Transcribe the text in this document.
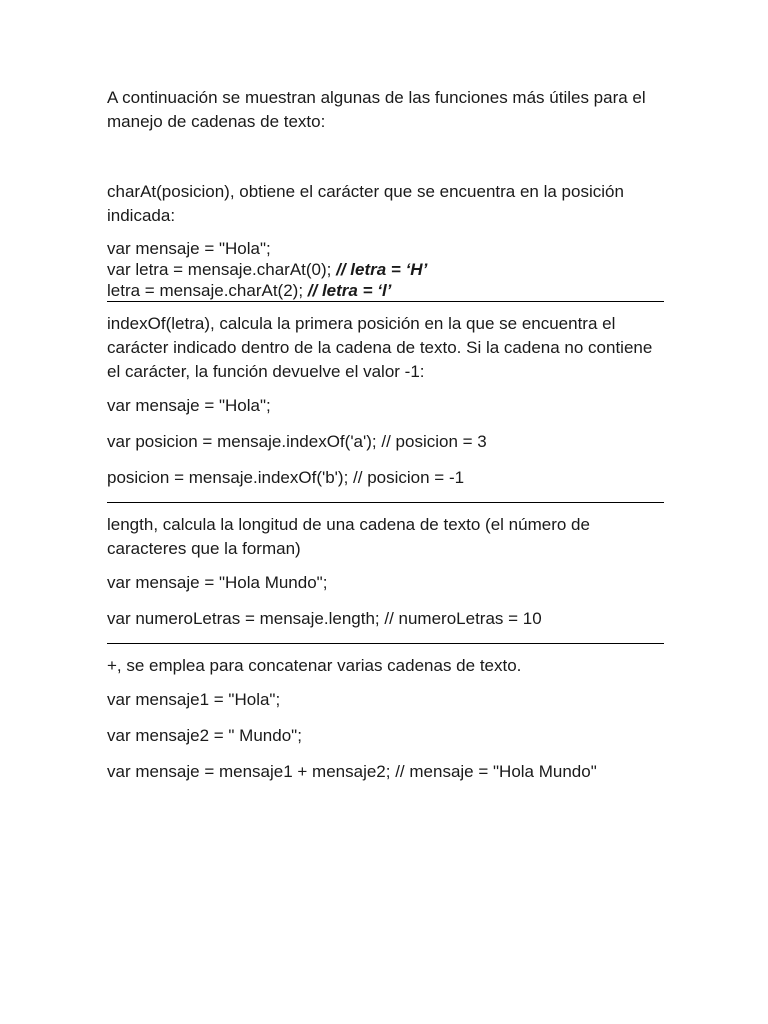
A continuación se muestran algunas de las funciones más útiles para el manejo de cadenas de texto:

charAt(posicion), obtiene el carácter que se encuentra en la posición indicada:

var mensaje = "Hola";

var letra = mensaje.charAt(0); // letra = ‘H’

letra = mensaje.charAt(2); // letra = ‘l’

indexOf(letra), calcula la primera posición en la que se encuentra el carácter indicado dentro de la cadena de texto. Si la cadena no contiene el carácter, la función devuelve el valor -1:

var mensaje = "Hola";

var posicion = mensaje.indexOf('a'); // posicion = 3

posicion = mensaje.indexOf('b'); // posicion = -1

length, calcula la longitud de una cadena de texto (el número de caracteres que la forman)

var mensaje = "Hola Mundo";

var numeroLetras = mensaje.length; // numeroLetras = 10

+, se emplea para concatenar varias cadenas de texto.

var mensaje1 = "Hola";

var mensaje2 = " Mundo";

var mensaje = mensaje1 + mensaje2; // mensaje = "Hola Mundo"
